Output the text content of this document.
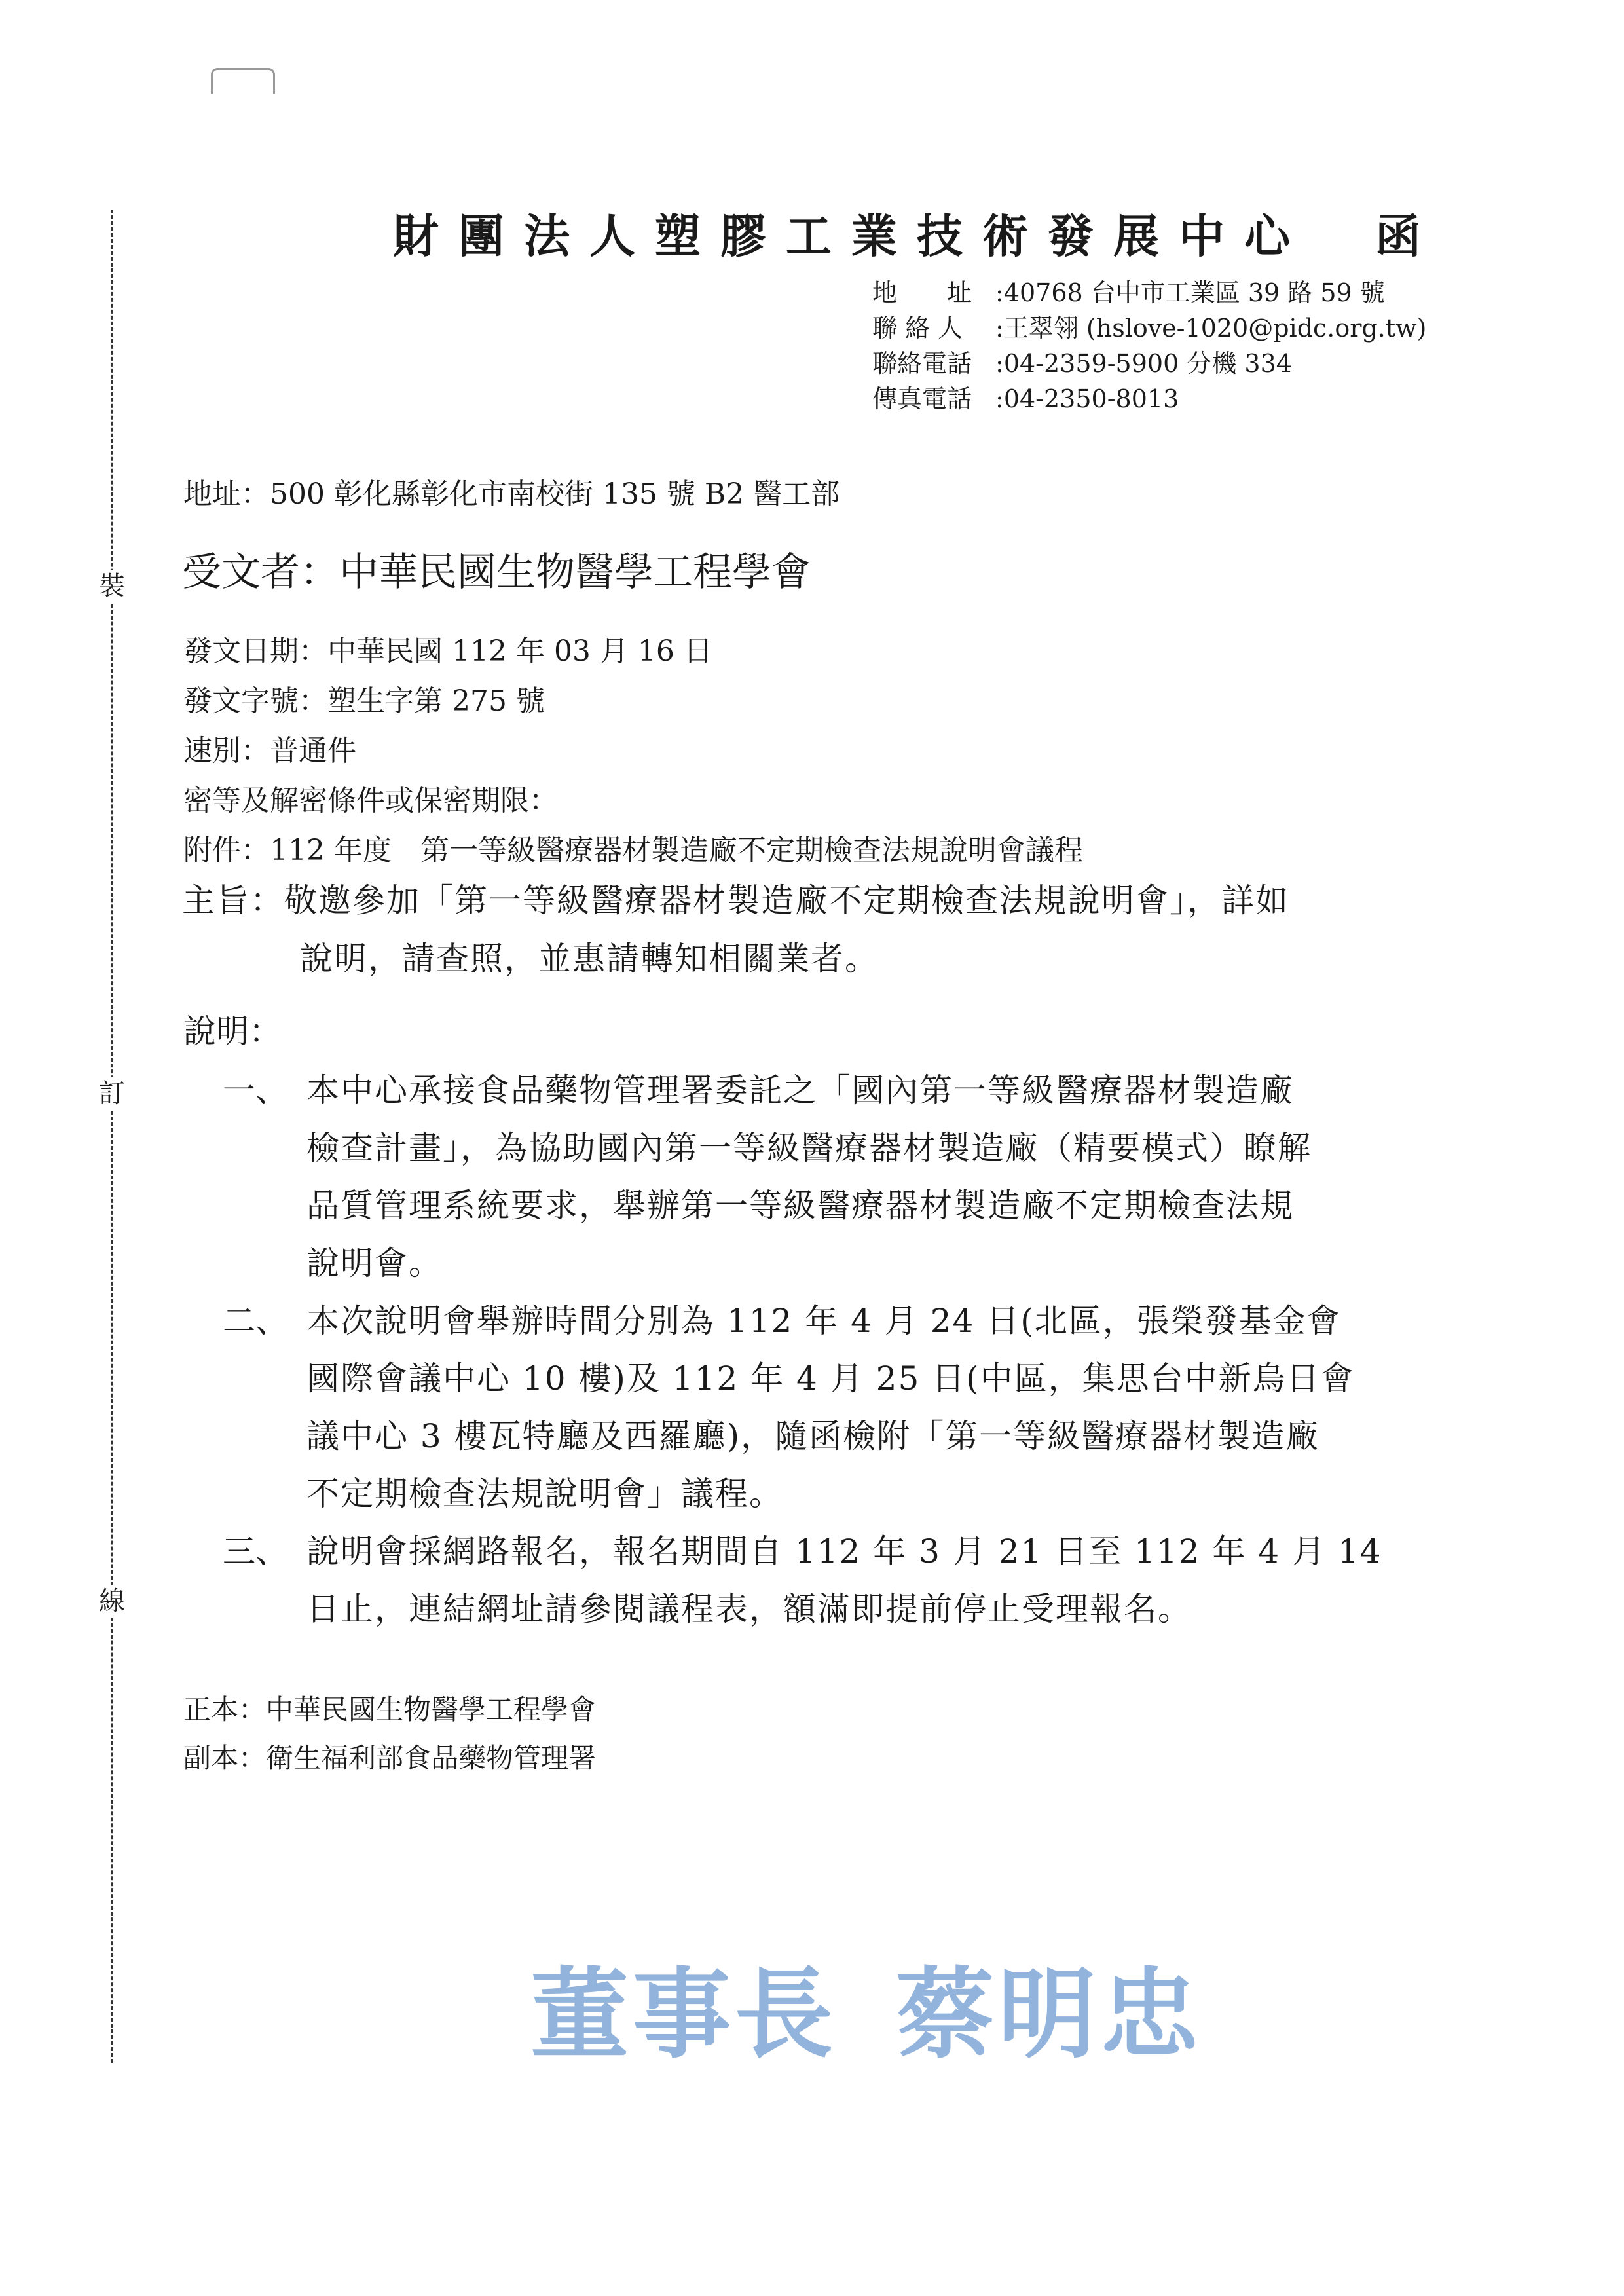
裝
訂
線
財團法人塑膠工業技術發展中心　函
地　　址 :40768 台中市工業區 39 路 59 號
聯 絡 人 :王翠翎 (hslove-1020@pidc.org.tw)
聯絡電話 :04-2359-5900 分機 334
傳真電話 :04-2350-8013
地址：500 彰化縣彰化市南校街 135 號 B2 醫工部
受文者：中華民國生物醫學工程學會
發文日期：中華民國 112 年 03 月 16 日
發文字號：塑生字第 275 號
速別：普通件
密等及解密條件或保密期限：
附件：112 年度　第一等級醫療器材製造廠不定期檢查法規說明會議程
主旨：敬邀參加「第一等級醫療器材製造廠不定期檢查法規說明會」，詳如
說明，請查照，並惠請轉知相關業者。
說明：
一、 本中心承接食品藥物管理署委託之「國內第一等級醫療器材製造廠
檢查計畫」，為協助國內第一等級醫療器材製造廠（精要模式）瞭解
品質管理系統要求，舉辦第一等級醫療器材製造廠不定期檢查法規
說明會。
二、 本次說明會舉辦時間分別為 112 年 4 月 24 日(北區，張榮發基金會
國際會議中心 10 樓)及 112 年 4 月 25 日(中區，集思台中新烏日會
議中心 3 樓瓦特廳及西羅廳)，隨函檢附「第一等級醫療器材製造廠
不定期檢查法規說明會」議程。
三、 說明會採網路報名，報名期間自 112 年 3 月 21 日至 112 年 4 月 14
日止，連結網址請參閱議程表，額滿即提前停止受理報名。
正本：中華民國生物醫學工程學會
副本：衛生福利部食品藥物管理署
董事長 蔡明忠
